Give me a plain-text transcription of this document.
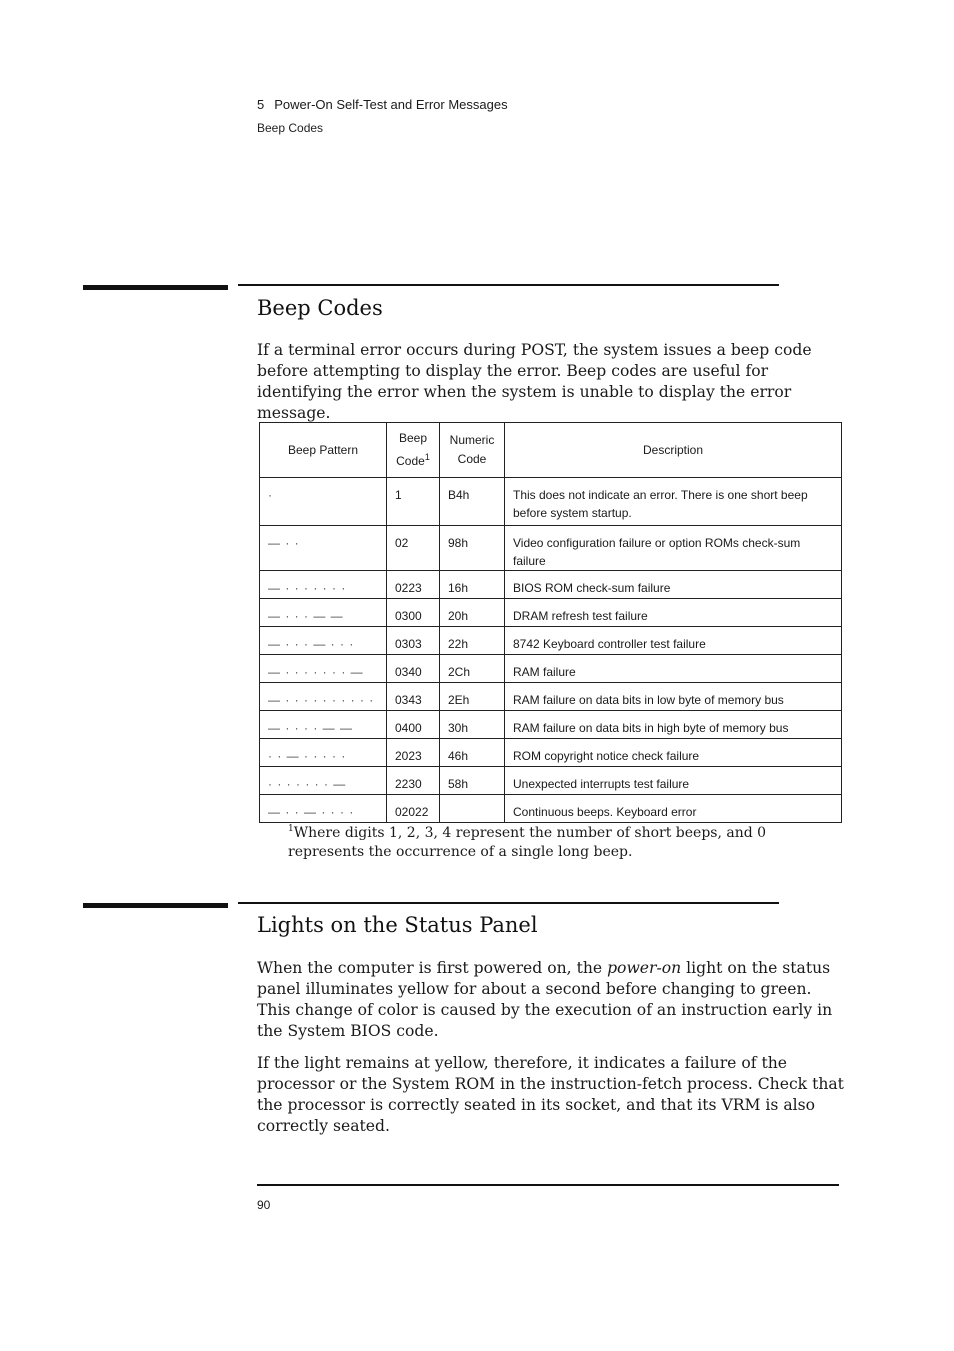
5 Power-On Self-Test and Error Messages
Beep Codes
Beep Codes

If a terminal error occurs during POST, the system issues a beep code before attempting to display the error. Beep codes are useful for identifying the error when the system is unable to display the error message.

Beep Pattern	Beep Code$^1$	Numeric Code	Description
·	1	B4h	This does not indicate an error. There is one short beep before system startup.
— · ·	02	98h	Video configuration failure or option ROMs check-sum failure
— · · · · · · ·	0223	16h	BIOS ROM check-sum failure
— · · · — —	0300	20h	DRAM refresh test failure
— · · · — · · ·	0303	22h	8742 Keyboard controller test failure
— · · · · · · · —	0340	2Ch	RAM failure
— · · · · · · · · · ·	0343	2Eh	RAM failure on data bits in low byte of memory bus
— · · · · — —	0400	30h	RAM failure on data bits in high byte of memory bus
· · — · · · · ·	2023	46h	ROM copyright notice check failure
· · · · · · · —	2230	58h	Unexpected interrupts test failure
— · · — · · · ·	02022		Continuous beeps. Keyboard error
$^1$Where digits 1, 2, 3, 4 represent the number of short beeps, and 0 represents the occurrence of a single long beep.
Lights on the Status Panel

When the computer is first powered on, the power-on light on the status panel illuminates yellow for about a second before changing to green. This change of color is caused by the execution of an instruction early in the System BIOS code.

If the light remains at yellow, therefore, it indicates a failure of the processor or the System ROM in the instruction-fetch process. Check that the processor is correctly seated in its socket, and that its VRM is also correctly seated.

90
